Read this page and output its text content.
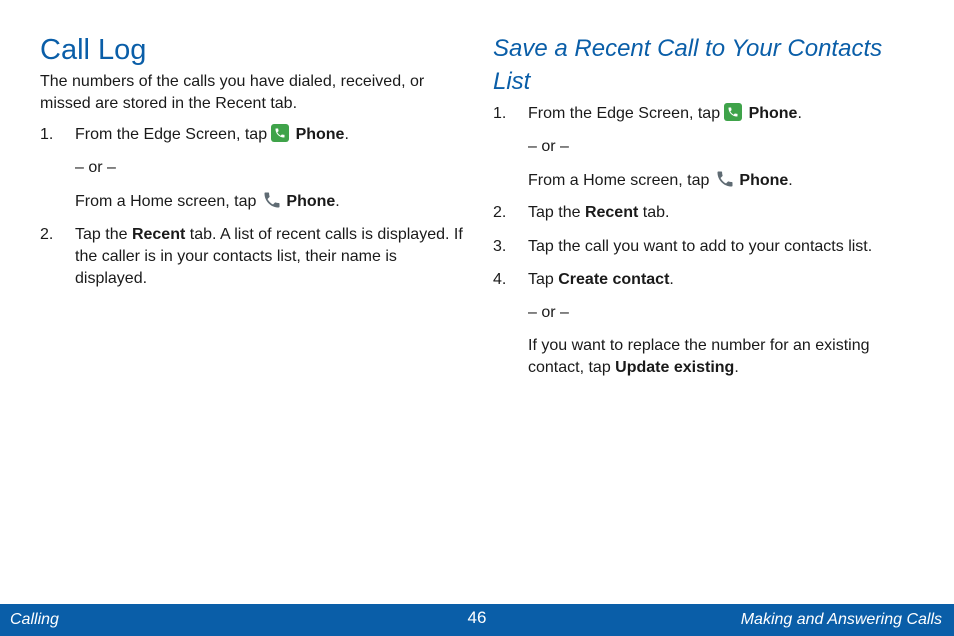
Call Log

The numbers of the calls you have dialed, received, or missed are stored in the Recent tab.

1. From the Edge Screen, tap Phone.

– or –

From a Home screen, tap Phone.

2. Tap the Recent tab. A list of recent calls is displayed. If the caller is in your contacts list, their name is displayed.

Save a Recent Call to Your Contacts List

1. From the Edge Screen, tap Phone.

– or –

From a Home screen, tap Phone.

2. Tap the Recent tab.

3. Tap the call you want to add to your contacts list.

4. Tap Create contact.

– or –

If you want to replace the number for an existing contact, tap Update existing.

Calling	46	Making and Answering Calls
